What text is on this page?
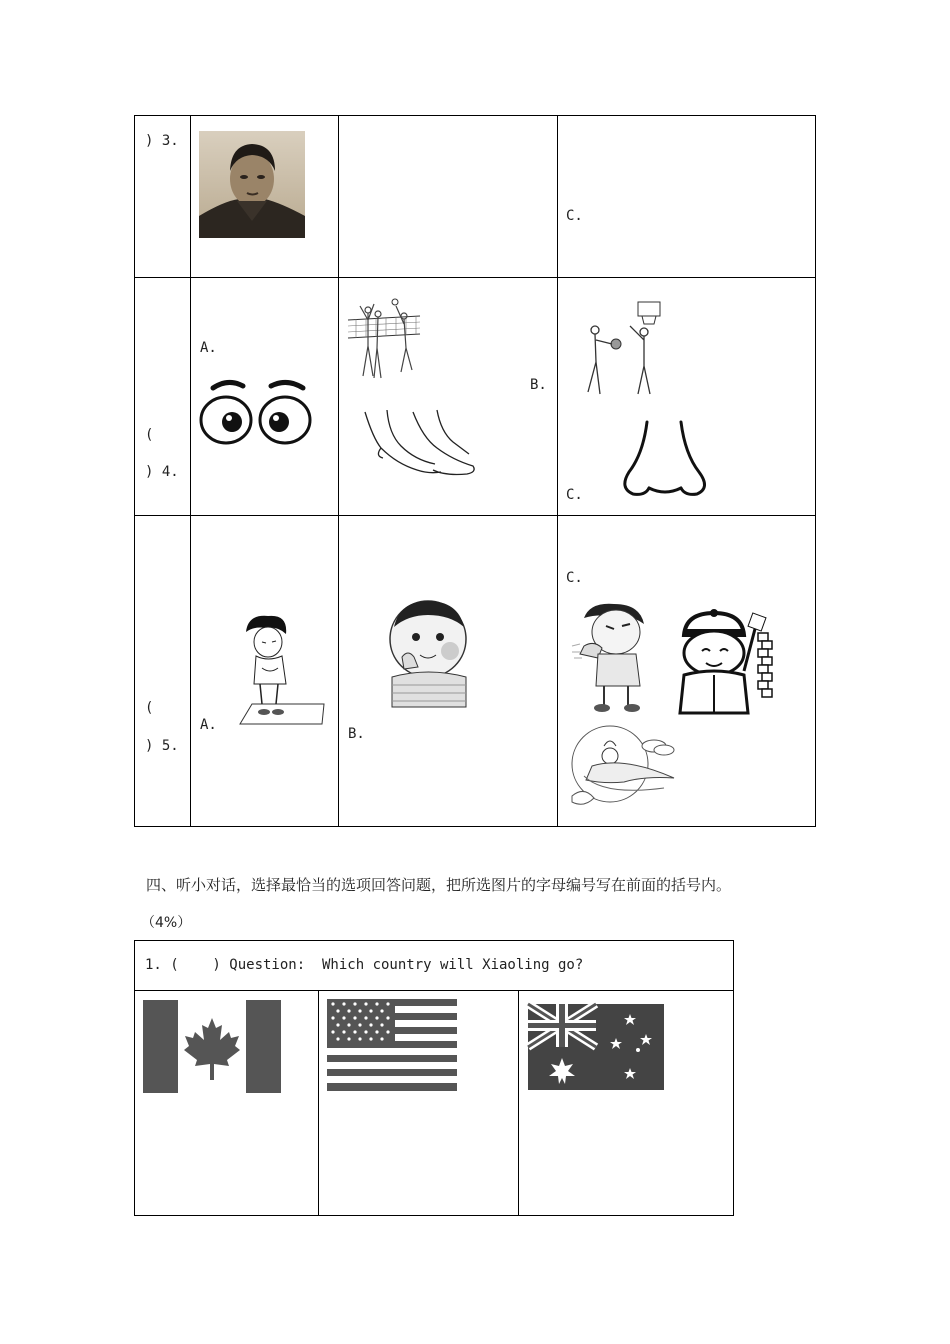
) 3.
C.
(
) 4.
A.
B.
C.
(
) 5.
A.
B.
C.
四、听小对话，选择最恰当的选项回答问题，把所选图片的字母编号写在前面的括号内。
（4%）
1. (    ) Question:  Which country will Xiaoling go?
